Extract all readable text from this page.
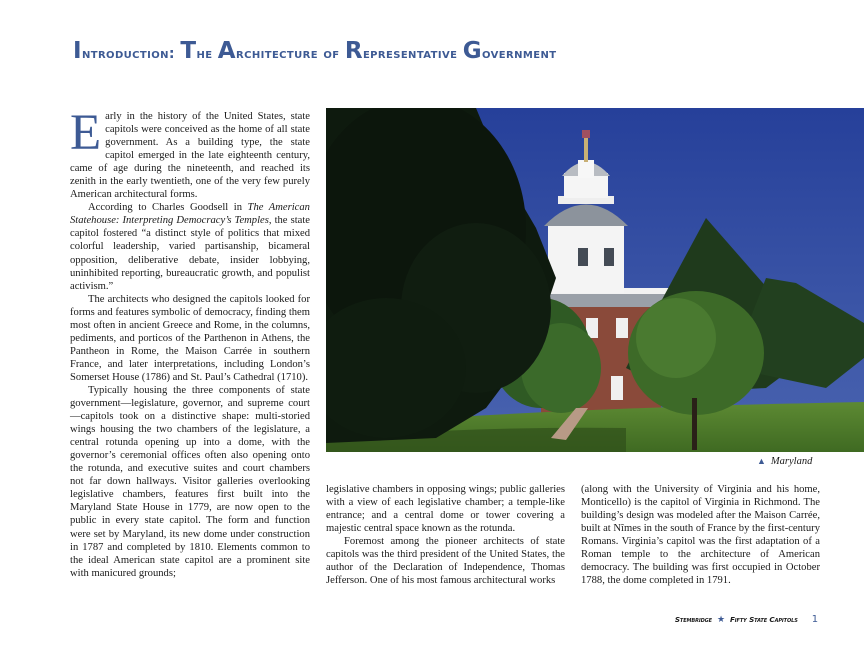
Introduction: The Architecture of Representative Government

Early in the history of the United States, state capitols were conceived as the home of all state government. As a building type, the state capitol emerged in the late eighteenth century, came of age during the nineteenth, and reached its zenith in the early twentieth, one of the very few purely American architectural forms.

According to Charles Goodsell in The American Statehouse: Interpreting Democracy’s Temples, the state capitol fostered “a distinct style of politics that mixed colorful leadership, varied partisanship, bicameral opposition, deliberative debate, insider lobbying, uninhibited reporting, bureaucratic growth, and populist activism.”

The architects who designed the capitols looked for forms and features symbolic of democracy, finding them most often in ancient Greece and Rome, in the columns, pediments, and porticos of the Parthenon in Athens, the Pantheon in Rome, the Maison Carrée in southern France, and later interpretations, including London’s Somerset House (1786) and St. Paul’s Cathedral (1710).

Typically housing the three components of state government—legislature, governor, and supreme court—capitols took on a distinctive shape: multi-storied wings housing the two chambers of the legislature, a central rotunda opening up into a dome, with the governor’s ceremonial offices often also opening onto the rotunda, and executive suites and court chambers not far down hallways. Visitor galleries overlooking legislative chambers, features first built into the Maryland State House in 1779, are now open to the public in every state capitol. The form and function were set by Maryland, its new dome under construction in 1787 and completed by 1810. Elements common to the ideal American state capitol are a prominent site with manicured grounds;

▲ Maryland

legislative chambers in opposing wings; public galleries with a view of each legislative chamber; a temple-like entrance; and a central dome or tower covering a majestic central space known as the rotunda.

Foremost among the pioneer architects of state capitols was the third president of the United States, the author of the Declaration of Independence, Thomas Jefferson. One of his most famous architectural works

(along with the University of Virginia and his home, Monticello) is the capitol of Virginia in Richmond. The building’s design was modeled after the Maison Carrée, built at Nîmes in the south of France by the first-century Romans. Virginia’s capitol was the first adaptation of a Roman temple to the architecture of American democracy. The building was first occupied in October 1788, the dome completed in 1791.

Stembridge ★ Fifty State Capitols 1
